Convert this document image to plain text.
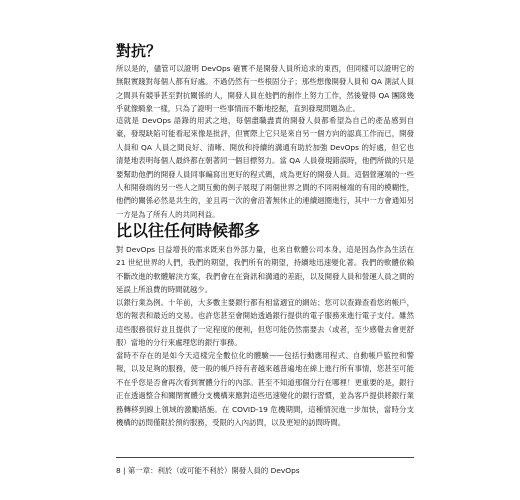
對抗？

所以是的，儘管可以證明 DevOps 確實不是開發人員所追求的東西，但同樣可以證明它的無限實踐對每個人都有好處。不過仍然有一些根固分子；那些想像開發人員和 QA 測試人員之間具有競爭甚至對抗關係的人，開發人員在他們的創作上努力工作，然後覺得 QA 團隊幾乎就像騎象一樣，只為了證明一些事情而不斷地挖掘，直到發現問題為止。

這就是 DevOps 語錄的用武之地，每個盡職盡責的開發人員都希望為自己的產品感到自豪，發現缺陷可能看起來像是批評，但實際上它只是來自另一個方向的認真工作而已，開發人員和 QA 人員之間良好、清晰、開放和持續的溝通有助於加強 DevOps 的好處，但它也清楚地表明每個人最終都在朝著同一個目標努力。當 QA 人員發現錯誤時，他們所做的只是要幫助他們的開發人員同事編寫出更好的程式碼，成為更好的開發人員。這個營運端的一些人和開發端的另一些人之間互動的例子展現了兩個世界之間的不同兩極端的有用的模糊性，他們的關係必然是共生的，並且再一次的會沿著無休止的連續迴圈進行，其中一方會通知另一方是為了所有人的共同利益。

比以往任何時候都多

對 DevOps 日益增長的需求既來自外部力量，也來自軟體公司本身。這是因為作為生活在 21 世紀世界的人們，我們的期望，我們所有的期望，持續地迅速變化著。我們的軟體依賴不斷改進的軟體解決方案，我們會在在資訊和溝通的差距，以及開發人員和營運人員之間的延誤上所浪費的時間就越少。

以銀行業為例。十年前，大多數主要銀行都有相當適宜的網站；您可以查錄查看您的帳戶，您的報表和最近的交易。也許您甚至會開始透過銀行提供的電子服務來進行電子支付。雖然這些服務很好並且提供了一定程度的便利，但您可能仍然需要去（或者，至少感覺去會更舒服）當地的分行來處理您的銀行事務。

當時不存在的是如今天這樣完全數位化的體驗——包括行動應用程式、自動帳戶監控和警報，以及足夠的服務，使一般的帳戶持有者越來越普遍地在線上進行所有事情，您甚至可能不在乎您是否會再次看到實體分行的內部。甚至不知道那個分行在哪裡！更重要的是，銀行正在透過整合和關閉實體分支機構來應對這些迅速變化的銀行習慣，並為客戶提供將銀行業務轉移到線上領域的激勵措施。在 COVID-19 危機期間，這種情況進一步加快，當時分支機構的訪問僅限於預約服務，受限的入內訪問，以及更短的訪問時間。

8 | 第一章：利於（或可能不利於）開發人員的 DevOps
